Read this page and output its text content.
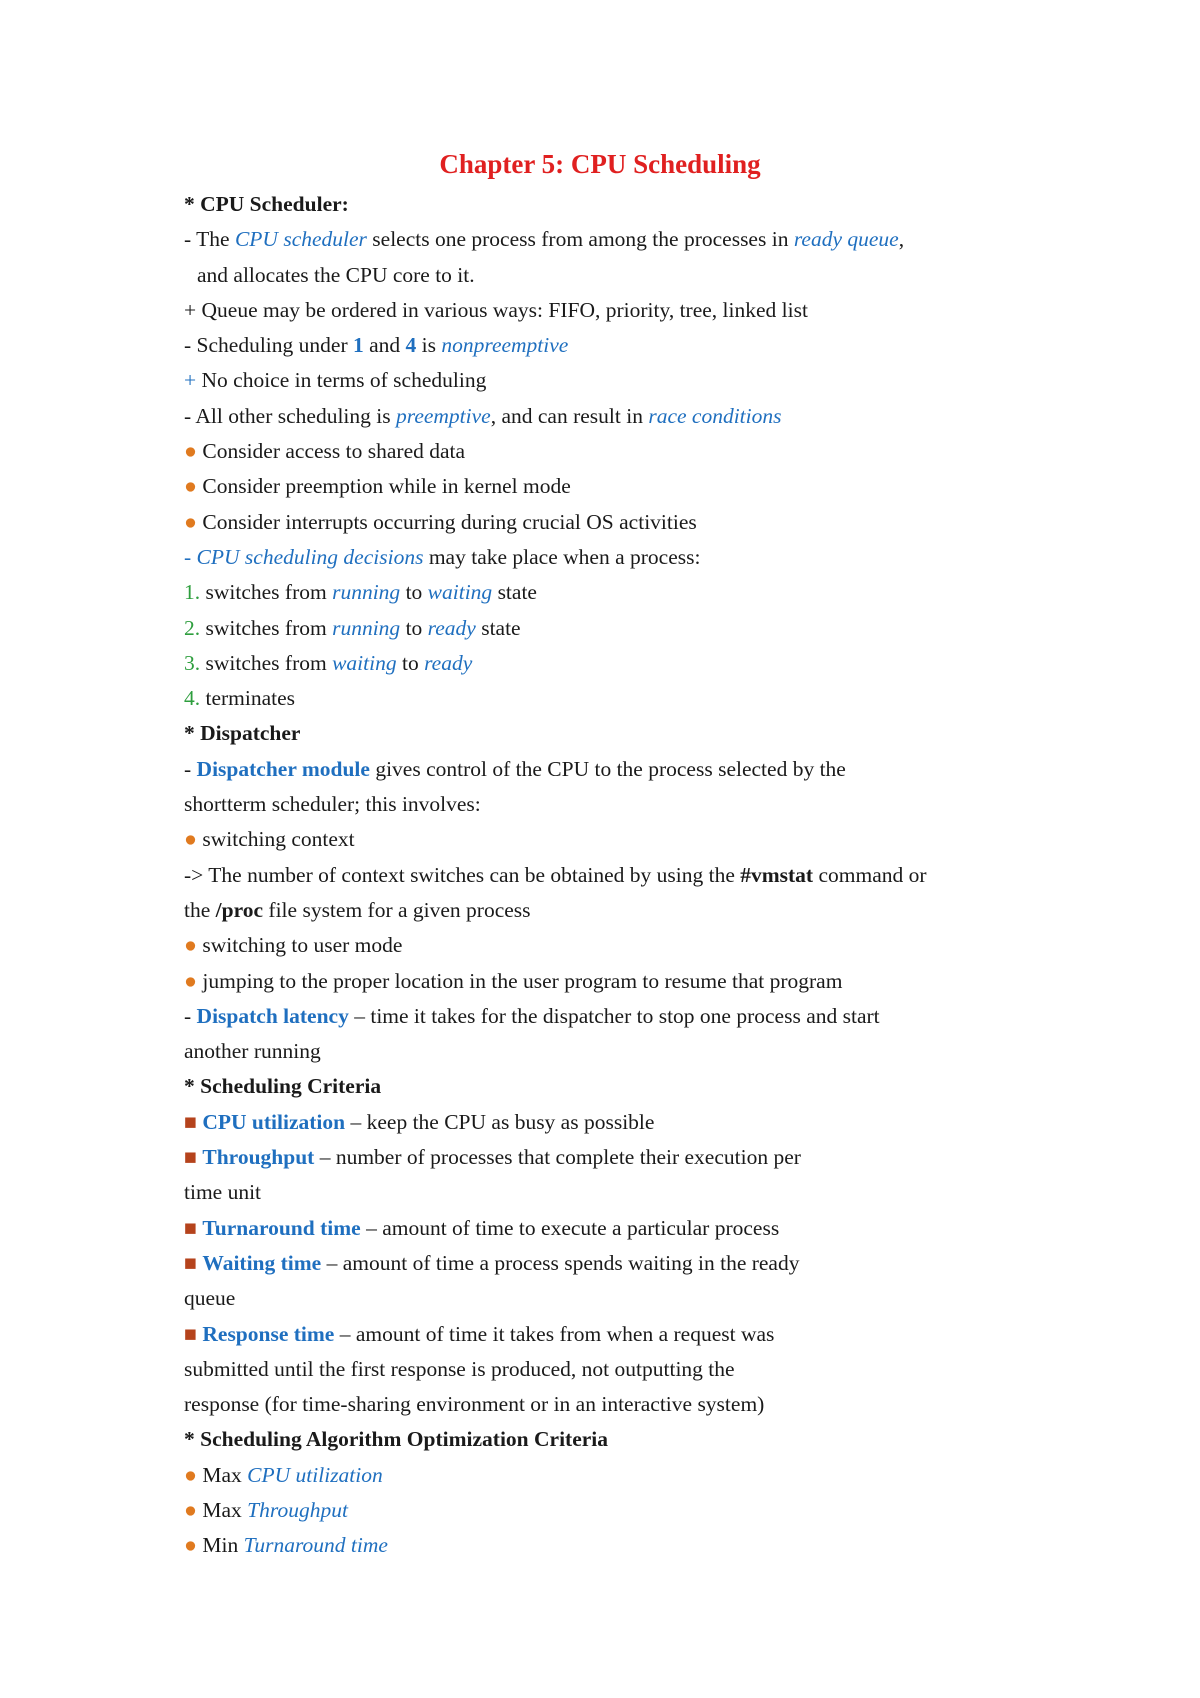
Chapter 5: CPU Scheduling
* CPU Scheduler:
- The CPU scheduler selects one process from among the processes in ready queue,
and allocates the CPU core to it.
+ Queue may be ordered in various ways: FIFO, priority, tree, linked list
- Scheduling under 1 and 4 is nonpreemptive
+ No choice in terms of scheduling
- All other scheduling is preemptive, and can result in race conditions
● Consider access to shared data
● Consider preemption while in kernel mode
● Consider interrupts occurring during crucial OS activities
- CPU scheduling decisions may take place when a process:
1. switches from running to waiting state
2. switches from running to ready state
3. switches from waiting to ready
4. terminates
* Dispatcher
- Dispatcher module gives control of the CPU to the process selected by the
shortterm scheduler; this involves:
● switching context
-> The number of context switches can be obtained by using the #vmstat command or
the /proc file system for a given process
● switching to user mode
● jumping to the proper location in the user program to resume that program
- Dispatch latency – time it takes for the dispatcher to stop one process and start
another running
* Scheduling Criteria
■ CPU utilization – keep the CPU as busy as possible
■ Throughput – number of processes that complete their execution per
time unit
■ Turnaround time – amount of time to execute a particular process
■ Waiting time – amount of time a process spends waiting in the ready
queue
■ Response time – amount of time it takes from when a request was
submitted until the first response is produced, not outputting the
response (for time-sharing environment or in an interactive system)
* Scheduling Algorithm Optimization Criteria
● Max CPU utilization
● Max Throughput
● Min Turnaround time
